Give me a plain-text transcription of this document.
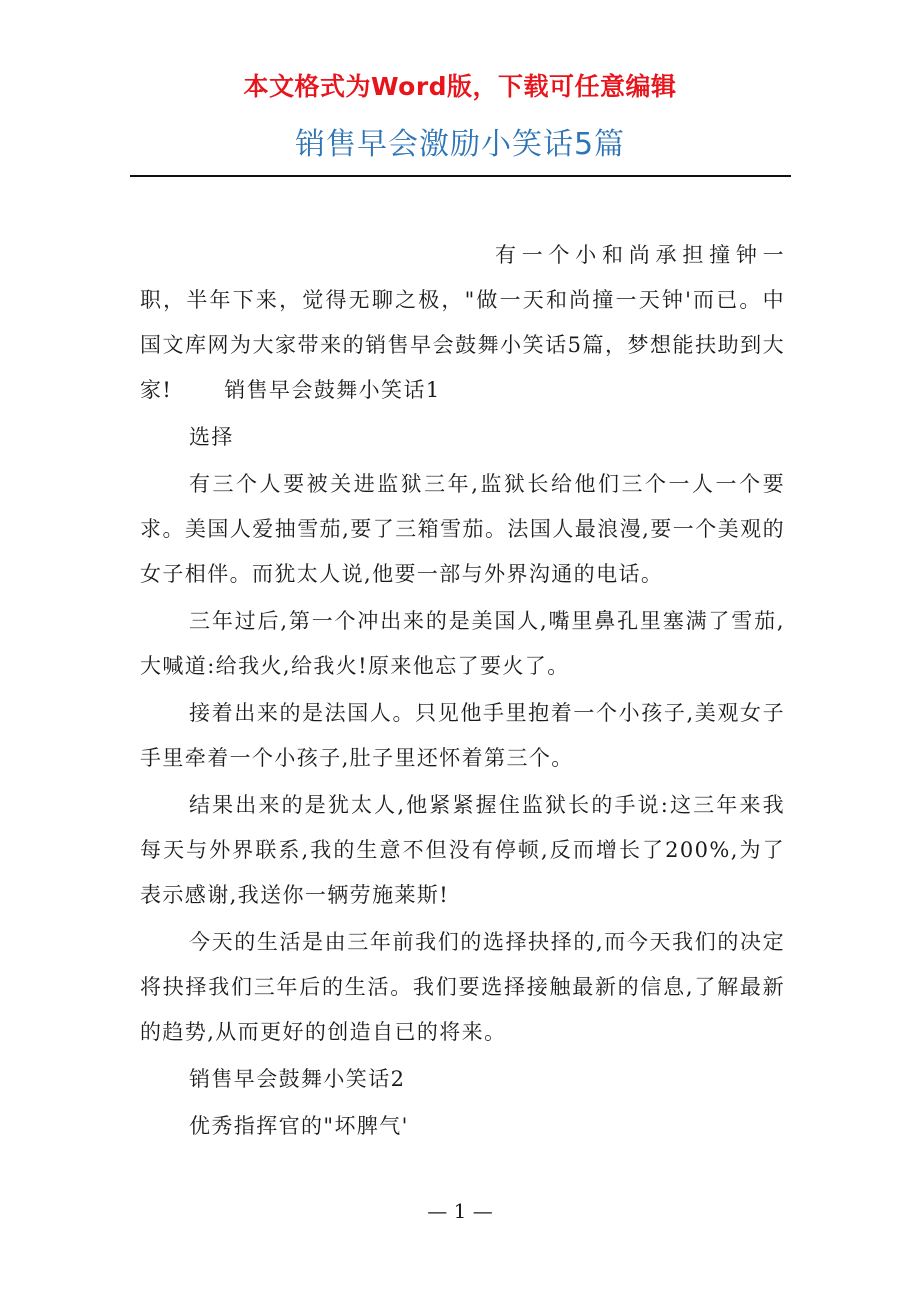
本文格式为Word版，下载可任意编辑
销售早会激励小笑话5篇

有一个小和尚承担撞钟一职，半年下来，觉得无聊之极，"做一天和尚撞一天钟'而已。中国文库网为大家带来的销售早会鼓舞小笑话5篇，梦想能扶助到大家! 销售早会鼓舞小笑话1

选择

有三个人要被关进监狱三年,监狱长给他们三个一人一个要求。美国人爱抽雪茄,要了三箱雪茄。法国人最浪漫,要一个美观的女子相伴。而犹太人说,他要一部与外界沟通的电话。

三年过后,第一个冲出来的是美国人,嘴里鼻孔里塞满了雪茄,大喊道:给我火,给我火!原来他忘了要火了。

接着出来的是法国人。只见他手里抱着一个小孩子,美观女子手里牵着一个小孩子,肚子里还怀着第三个。

结果出来的是犹太人,他紧紧握住监狱长的手说:这三年来我每天与外界联系,我的生意不但没有停顿,反而增长了200%,为了表示感谢,我送你一辆劳施莱斯!

今天的生活是由三年前我们的选择抉择的,而今天我们的决定将抉择我们三年后的生活。我们要选择接触最新的信息,了解最新的趋势,从而更好的创造自已的将来。

销售早会鼓舞小笑话2

优秀指挥官的"坏脾气'

— 1 —
